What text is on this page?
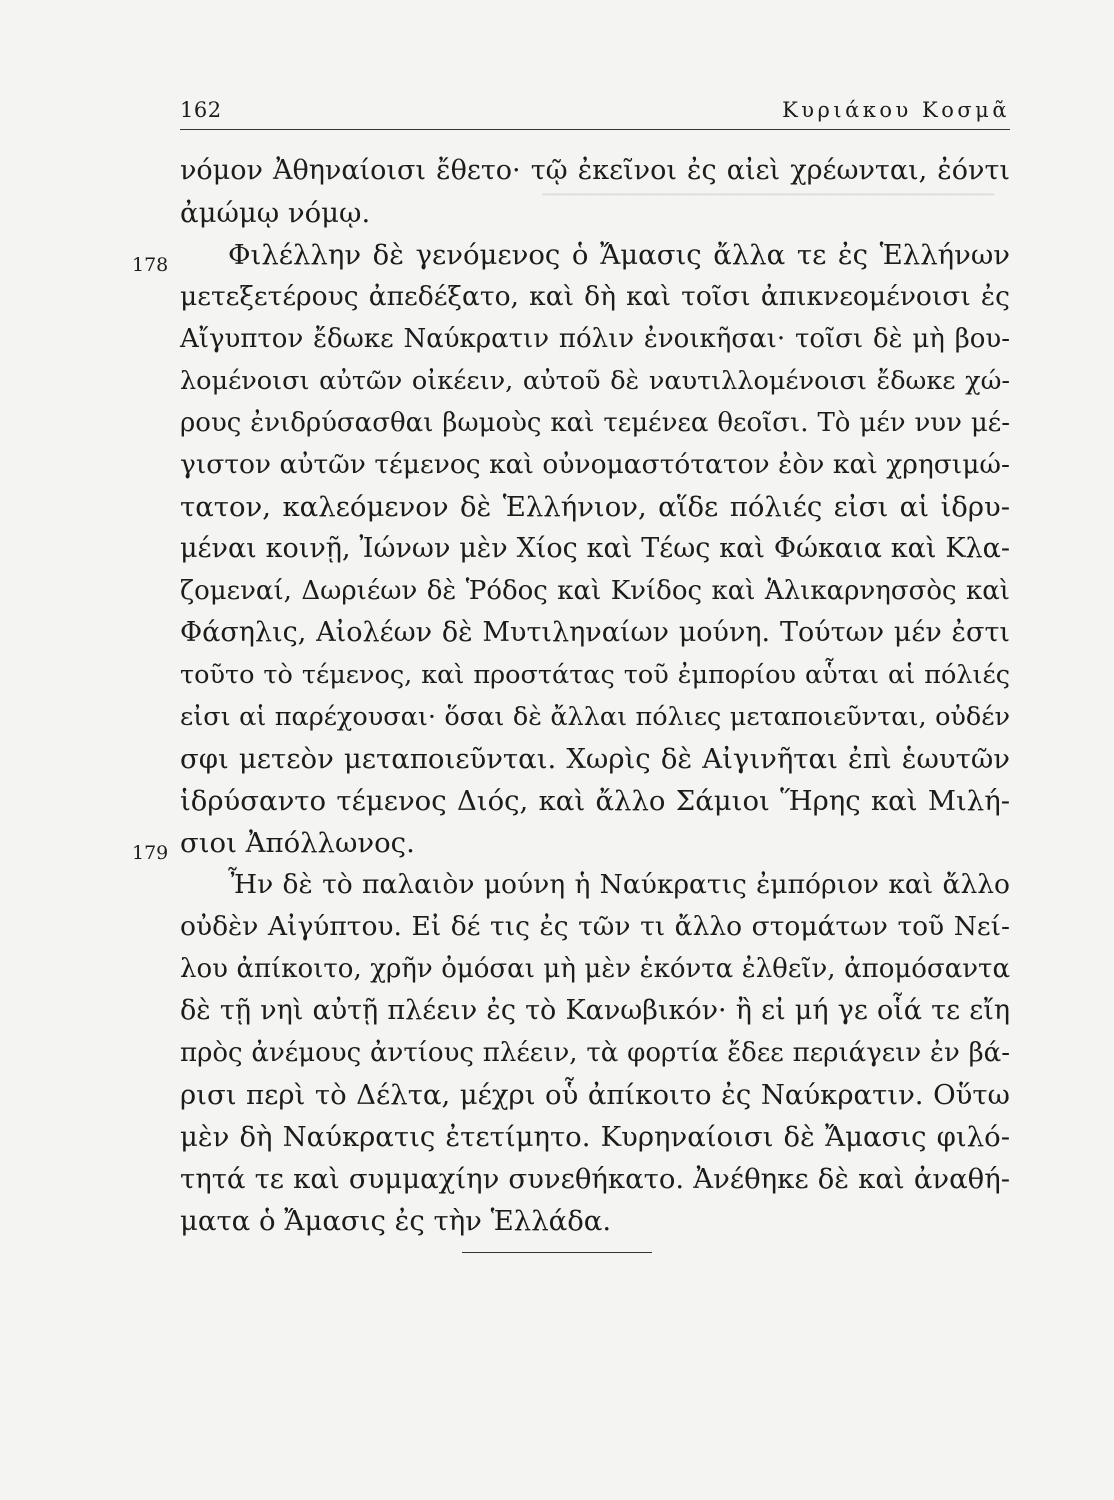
──────────────────────────────
162	Κυριάκου Κοσμᾶ
178
179
νόμον Ἀθηναίοισι ἔθετο· τῷ ἐκεῖνοι ἐς αἰεὶ χρέωνται, ἐόντι
ἀμώμῳ νόμῳ.
Φιλέλλην δὲ γενόμενος ὁ Ἄμασις ἄλλα τε ἐς Ἑλλήνων
μετεξετέρους ἀπεδέξατο, καὶ δὴ καὶ τοῖσι ἀπικνεομένοισι ἐς
Αἴγυπτον ἔδωκε Ναύκρατιν πόλιν ἐνοικῆσαι· τοῖσι δὲ μὴ βου-
λομένοισι αὐτῶν οἰκέειν, αὐτοῦ δὲ ναυτιλλομένοισι ἔδωκε χώ-
ρους ἐνιδρύσασθαι βωμοὺς καὶ τεμένεα θεοῖσι. Τὸ μέν νυν μέ-
γιστον αὐτῶν τέμενος καὶ οὐνομαστότατον ἐὸν καὶ χρησιμώ-
τατον, καλεόμενον δὲ Ἑλλήνιον, αἵδε πόλιές εἰσι αἱ ἱδρυ-
μέναι κοινῇ, Ἰώνων μὲν Χίος καὶ Τέως καὶ Φώκαια καὶ Κλα-
ζομεναί, Δωριέων δὲ Ῥόδος καὶ Κνίδος καὶ Ἁλικαρνησσὸς καὶ
Φάσηλις, Αἰολέων δὲ Μυτιληναίων μούνη. Τούτων μέν ἐστι
τοῦτο τὸ τέμενος, καὶ προστάτας τοῦ ἐμπορίου αὗται αἱ πόλιές
εἰσι αἱ παρέχουσαι· ὅσαι δὲ ἄλλαι πόλιες μεταποιεῦνται, οὐδέν
σφι μετεὸν μεταποιεῦνται. Χωρὶς δὲ Αἰγινῆται ἐπὶ ἑωυτῶν
ἱδρύσαντο τέμενος Διός, καὶ ἄλλο Σάμιοι Ἥρης καὶ Μιλή-
σιοι Ἀπόλλωνος.
Ἦν δὲ τὸ παλαιὸν μούνη ἡ Ναύκρατις ἐμπόριον καὶ ἄλλο
οὐδὲν Αἰγύπτου. Εἰ δέ τις ἐς τῶν τι ἄλλο στομάτων τοῦ Νεί-
λου ἀπίκοιτο, χρῆν ὀμόσαι μὴ μὲν ἑκόντα ἐλθεῖν, ἀπομόσαντα
δὲ τῇ νηὶ αὐτῇ πλέειν ἐς τὸ Κανωβικόν· ἢ εἰ μή γε οἷά τε εἴη
πρὸς ἀνέμους ἀντίους πλέειν, τὰ φορτία ἔδεε περιάγειν ἐν βά-
ρισι περὶ τὸ Δέλτα, μέχρι οὗ ἀπίκοιτο ἐς Ναύκρατιν. Οὕτω
μὲν δὴ Ναύκρατις ἐτετίμητο. Κυρηναίοισι δὲ Ἄμασις φιλό-
τητά τε καὶ συμμαχίην συνεθήκατο. Ἀνέθηκε δὲ καὶ ἀναθή-
ματα ὁ Ἄμασις ἐς τὴν Ἑλλάδα.
